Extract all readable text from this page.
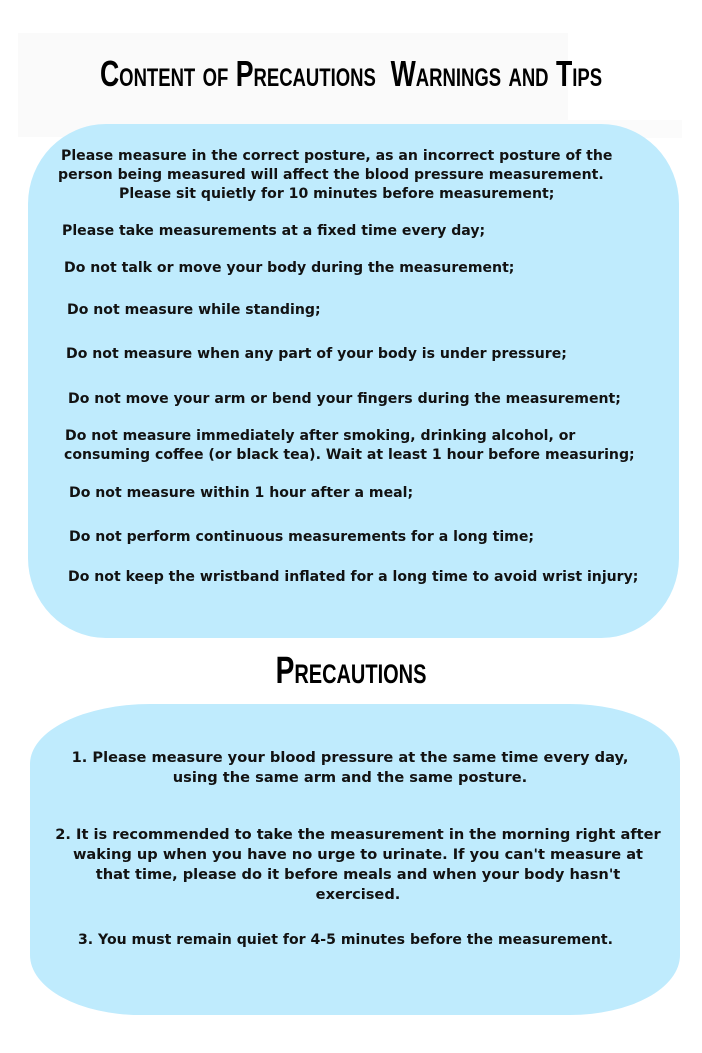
Content of Precautions  Warnings and Tips
Please measure in the correct posture, as an incorrect posture of the
person being measured will affect the blood pressure measurement.
Please sit quietly for 10 minutes before measurement;
Please take measurements at a fixed time every day;
Do not talk or move your body during the measurement;
Do not measure while standing;
Do not measure when any part of your body is under pressure;
Do not move your arm or bend your fingers during the measurement;
Do not measure immediately after smoking, drinking alcohol, or
consuming coffee (or black tea). Wait at least 1 hour before measuring;
Do not measure within 1 hour after a meal;
Do not perform continuous measurements for a long time;
Do not keep the wristband inflated for a long time to avoid wrist injury;
Precautions
1. Please measure your blood pressure at the same time every day,
using the same arm and the same posture.
2. It is recommended to take the measurement in the morning right after
waking up when you have no urge to urinate. If you can't measure at
that time, please do it before meals and when your body hasn't
exercised.
3. You must remain quiet for 4-5 minutes before the measurement.
